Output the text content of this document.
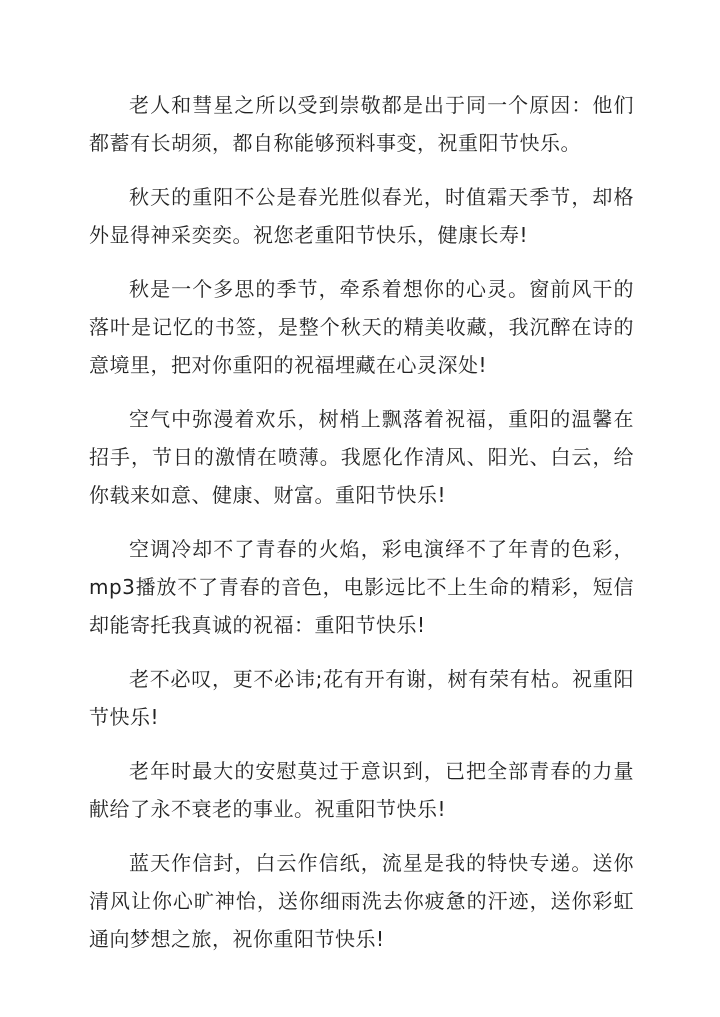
老人和彗星之所以受到崇敬都是出于同一个原因：他们都蓄有长胡须，都自称能够预料事变，祝重阳节快乐。

秋天的重阳不公是春光胜似春光，时值霜天季节，却格外显得神采奕奕。祝您老重阳节快乐，健康长寿!

秋是一个多思的季节，牵系着想你的心灵。窗前风干的落叶是记忆的书签，是整个秋天的精美收藏，我沉醉在诗的意境里，把对你重阳的祝福埋藏在心灵深处!

空气中弥漫着欢乐，树梢上飘落着祝福，重阳的温馨在招手，节日的激情在喷薄。我愿化作清风、阳光、白云，给你载来如意、健康、财富。重阳节快乐!

空调冷却不了青春的火焰，彩电演绎不了年青的色彩，mp3播放不了青春的音色，电影远比不上生命的精彩，短信却能寄托我真诚的祝福：重阳节快乐!

老不必叹，更不必讳;花有开有谢，树有荣有枯。祝重阳节快乐!

老年时最大的安慰莫过于意识到，已把全部青春的力量献给了永不衰老的事业。祝重阳节快乐!

蓝天作信封，白云作信纸，流星是我的特快专递。送你清风让你心旷神怡，送你细雨洗去你疲惫的汗迹，送你彩虹通向梦想之旅，祝你重阳节快乐!
